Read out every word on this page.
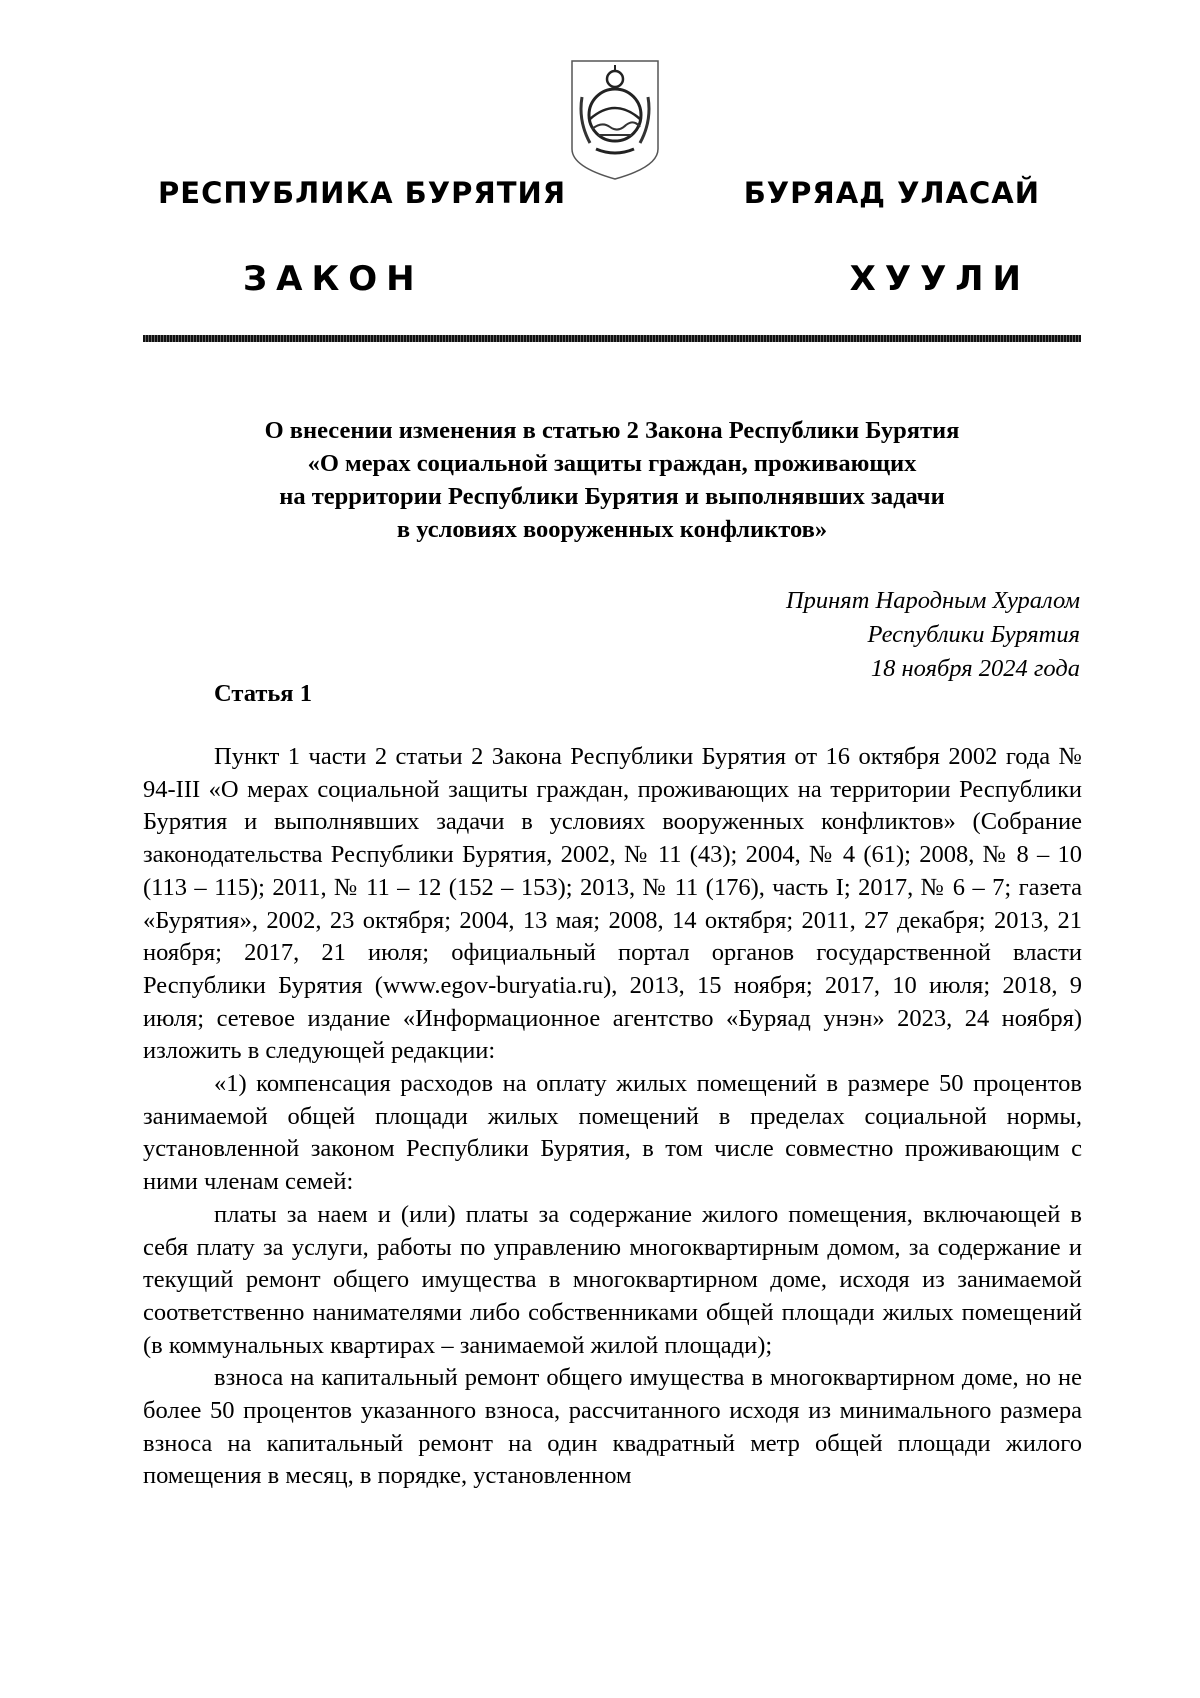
РЕСПУБЛИКА БУРЯТИЯ	БУРЯАД УЛАСАЙ
ЗАКОН	ХУУЛИ
О внесении изменения в статью 2 Закона Республики Бурятия
«О мерах социальной защиты граждан, проживающих
на территории Республики Бурятия и выполнявших задачи
в условиях вооруженных конфликтов»
Принят Народным Хуралом
Республики Бурятия
18 ноября 2024 года
Статья 1

Пункт 1 части 2 статьи 2 Закона Республики Бурятия от 16 октября 2002 года № 94-III «О мерах социальной защиты граждан, проживающих на территории Республики Бурятия и выполнявших задачи в условиях вооруженных конфликтов» (Собрание законодательства Республики Бурятия, 2002, № 11 (43); 2004, № 4 (61); 2008, № 8 – 10 (113 – 115); 2011, № 11 – 12 (152 – 153); 2013, № 11 (176), часть I; 2017, № 6 – 7; газета «Бурятия», 2002, 23 октября; 2004, 13 мая; 2008, 14 октября; 2011, 27 декабря; 2013, 21 ноября; 2017, 21 июля; официальный портал органов государственной власти Республики Бурятия (www.egov-buryatia.ru), 2013, 15 ноября; 2017, 10 июля; 2018, 9 июля; сетевое издание «Информационное агентство «Буряад унэн» 2023, 24 ноября) изложить в следующей редакции:

«1) компенсация расходов на оплату жилых помещений в размере 50 процентов занимаемой общей площади жилых помещений в пределах социальной нормы, установленной законом Республики Бурятия, в том числе совместно проживающим с ними членам семей:

платы за наем и (или) платы за содержание жилого помещения, включающей в себя плату за услуги, работы по управлению многоквартирным домом, за содержание и текущий ремонт общего имущества в многоквартирном доме, исходя из занимаемой соответственно нанимателями либо собственниками общей площади жилых помещений (в коммунальных квартирах – занимаемой жилой площади);

взноса на капитальный ремонт общего имущества в многоквартирном доме, но не более 50 процентов указанного взноса, рассчитанного исходя из минимального размера взноса на капитальный ремонт на один квадратный метр общей площади жилого помещения в месяц, в порядке, установленном
